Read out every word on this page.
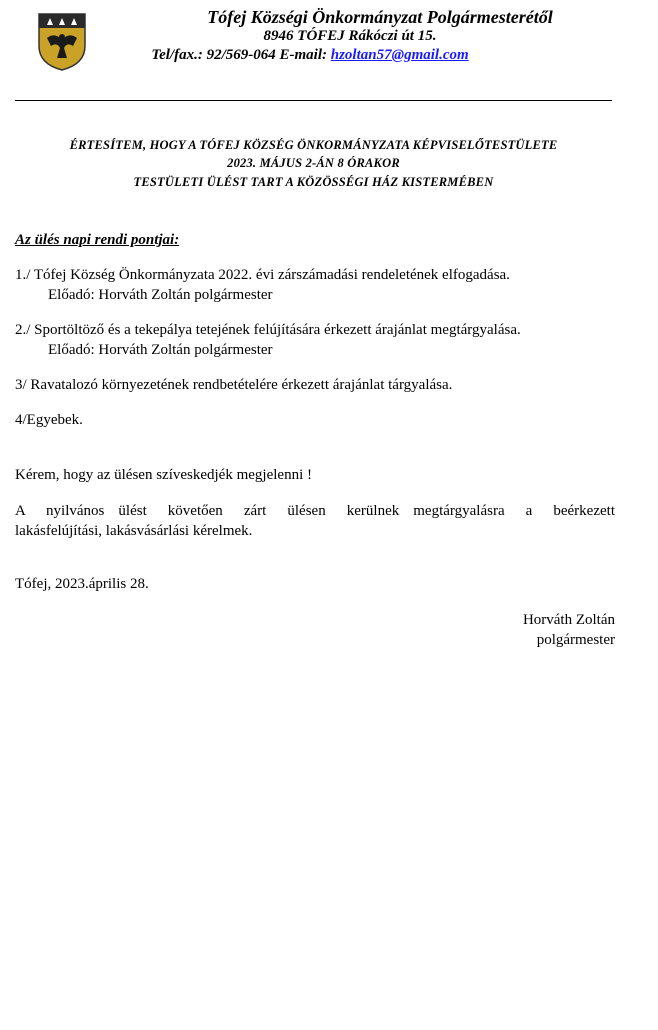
Tófej Községi Önkormányzat Polgármesterétől
8946 TÓFEJ Rákóczi út 15.
Tel/fax.: 92/569-064 E-mail: hzoltan57@gmail.com
ÉRTESÍTEM, HOGY A TÓFEJ KÖZSÉG ÖNKORMÁNYZATA KÉPVISELŐTESTÜLETE
2023. MÁJUS 2-ÁN 8 ÓRAKOR
TESTÜLETI ÜLÉST TART A KÖZÖSSÉGI HÁZ KISTERMÉBEN
Az ülés napi rendi pontjai:
1./ Tófej Község Önkormányzata 2022. évi zárszámadási rendeletének elfogadása.
Előadó: Horváth Zoltán polgármester
2./ Sportöltöző és a tekepálya tetejének felújítására érkezett árajánlat megtárgyalása.
Előadó: Horváth Zoltán polgármester
3/ Ravatalozó környezetének rendbetételére érkezett árajánlat tárgyalása.
4/Egyebek.
Kérem, hogy az ülésen szíveskedjék megjelenni !
A   nyilvános  ülést   követően   zárt   ülésen   kerülnek  megtárgyalásra   a   beérkezett lakásfelújítási, lakásvásárlási kérelmek.
Tófej, 2023.április 28.
Horváth Zoltán
polgármester
